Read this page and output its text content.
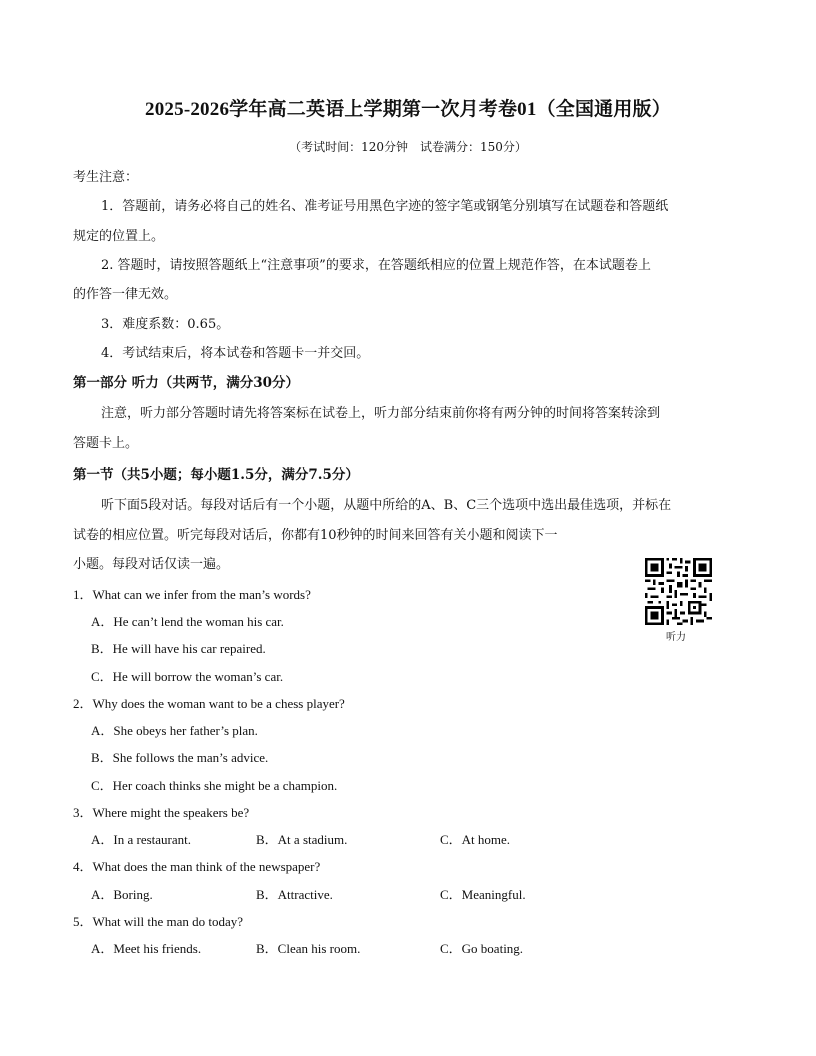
2025-2026学年高二英语上学期第一次月考卷01（全国通用版）
（考试时间：120分钟　试卷满分：150分）
考生注意：
1．答题前，请务必将自己的姓名、准考证号用黑色字迹的签字笔或钢笔分别填写在试题卷和答题纸
规定的位置上。
2. 答题时，请按照答题纸上“注意事项”的要求，在答题纸相应的位置上规范作答，在本试题卷上
的作答一律无效。
3．难度系数：0.65。
4．考试结束后，将本试卷和答题卡一并交回。
第一部分 听力（共两节，满分30分）
注意，听力部分答题时请先将答案标在试卷上，听力部分结束前你将有两分钟的时间将答案转涂到
答题卡上。
第一节（共5小题；每小题1.5分，满分7.5分）
听下面5段对话。每段对话后有一个小题，从题中所给的A、B、C三个选项中选出最佳选项，并标在
试卷的相应位置。听完每段对话后，你都有10秒钟的时间来回答有关小题和阅读下一
小题。每段对话仅读一遍。
听力
1．What can we infer from the man’s words?
A．He can’t lend the woman his car.
B．He will have his car repaired.
C．He will borrow the woman’s car.
2．Why does the woman want to be a chess player?
A．She obeys her father’s plan.
B．She follows the man’s advice.
C．Her coach thinks she might be a champion.
3．Where might the speakers be?
A．In a restaurant.	B．At a stadium.	C．At home.
4．What does the man think of the newspaper?
A．Boring.	B．Attractive.	C．Meaningful.
5．What will the man do today?
A．Meet his friends.	B．Clean his room.	C．Go boating.
